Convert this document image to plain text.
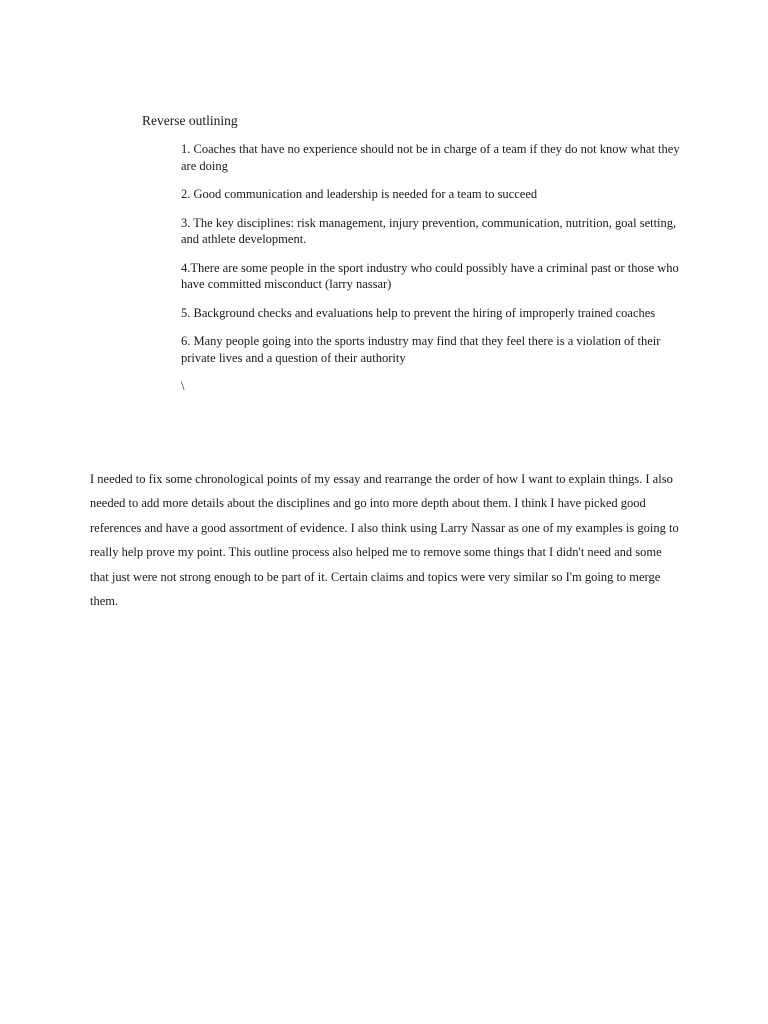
Reverse outlining

1. Coaches that have no experience should not be in charge of a team if they do not know what they are doing
2. Good communication and leadership is needed for a team to succeed
3. The key disciplines: risk management, injury prevention, communication, nutrition, goal setting, and athlete development.
4.There are some people in the sport industry who could possibly have a criminal past or those who have committed misconduct (larry nassar)
5. Background checks and evaluations help to prevent the hiring of improperly trained coaches
6. Many people going into the sports industry may find that they feel there is a violation of their private lives and a question of their authority
\

I needed to fix some chronological points of my essay and rearrange the order of how I want to explain things. I also needed to add more details about the disciplines and go into more depth about them. I think I have picked good references and have a good assortment of evidence. I also think using Larry Nassar as one of my examples is going to really help prove my point. This outline process also helped me to remove some things that I didn't need and some that just were not strong enough to be part of it. Certain claims and topics were very similar so I'm going to merge them.
